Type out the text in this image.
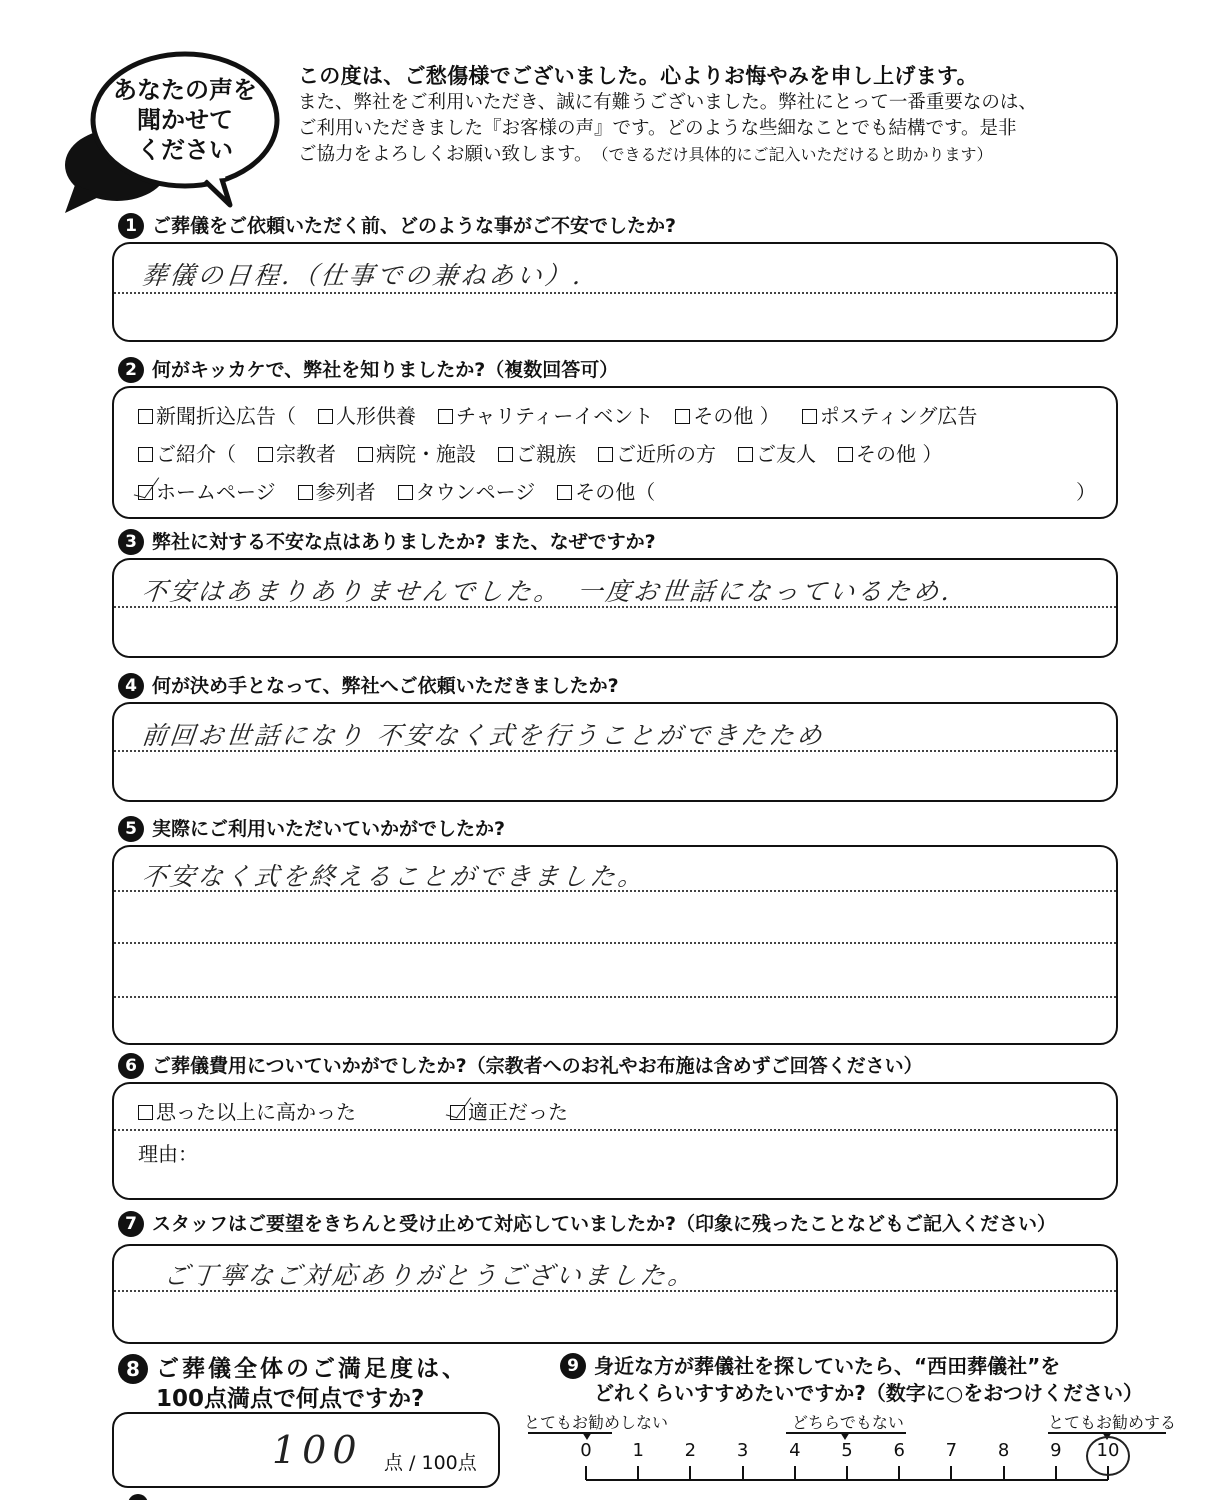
あなたの声を
聞かせて
ください
この度は、ご愁傷様でございました。心よりお悔やみを申し上げます。
また、弊社をご利用いただき、誠に有難うございました。弊社にとって一番重要なのは、
ご利用いただきました『お客様の声』です。どのような些細なことでも結構です。是非
ご協力をよろしくお願い致します。（できるだけ具体的にご記入いただけると助かります）
1 ご葬儀をご依頼いただく前、どのような事がご不安でしたか?
葬儀の日程.（仕事での兼ねあい）.
2 何がキッカケで、弊社を知りましたか?（複数回答可）
新聞折込広告（ 人形供養 チャリティーイベント その他 ） ポスティング広告
ご紹介（ 宗教者 病院・施設 ご親族 ご近所の方 ご友人 その他 ）
ホームページ 参列者 タウンページ その他（	）
3 弊社に対する不安な点はありましたか? また、なぜですか?
不安はあまりありませんでした。　一度お世話になっているため.
4 何が決め手となって、弊社へご依頼いただきましたか?
前回お世話になり 不安なく式を行うことができたため
5 実際にご利用いただいていかがでしたか?
不安なく式を終えることができました。
6 ご葬儀費用についていかがでしたか?（宗教者へのお礼やお布施は含めずご回答ください）
思った以上に高かった	適正だった
理由：
7 スタッフはご要望をきちんと受け止めて対応していましたか?（印象に残ったことなどもご記入ください）
ご丁寧なご対応ありがとうございました。
8 ご葬儀全体のご満足度は、
100点満点で何点ですか?
100 点 / 100点
9 身近な方が葬儀社を探していたら、“西田葬儀社”を
どれくらいすすめたいですか?（数字に○をおつけください）
とてもお勧めしない	どちらでもない	とてもお勧めする
0	1	2	3	4	5	6	7	8	9	10
